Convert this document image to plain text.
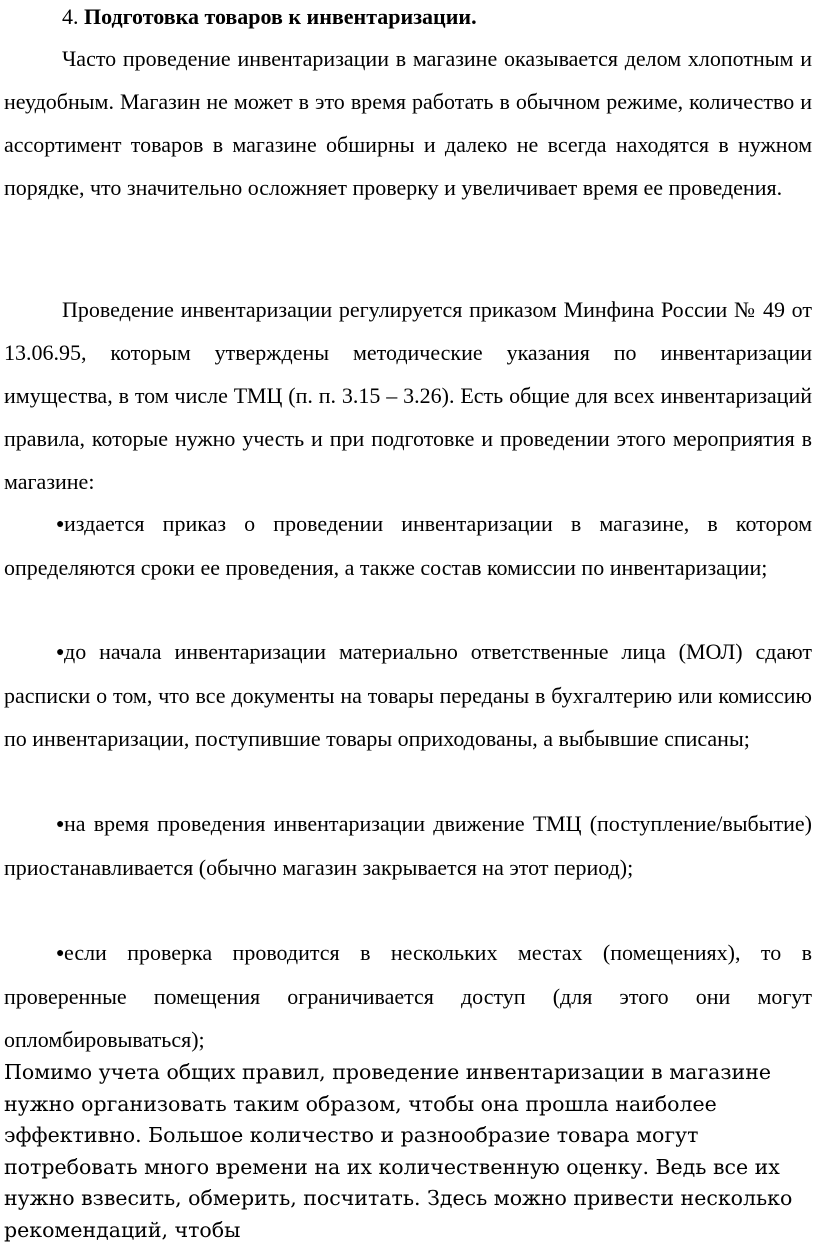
4. Подготовка товаров к инвентаризации.

Часто проведение инвентаризации в магазине оказывается делом хлопотным и неудобным. Магазин не может в это время работать в обычном режиме, количество и ассортимент товаров в магазине обширны и далеко не всегда находятся в нужном порядке, что значительно осложняет проверку и увеличивает время ее проведения.

Проведение инвентаризации регулируется приказом Минфина России № 49 от 13.06.95, которым утверждены методические указания по инвентаризации имущества, в том числе ТМЦ (п. п. 3.15 – 3.26). Есть общие для всех инвентаризаций правила, которые нужно учесть и при подготовке и проведении этого мероприятия в магазине:

●издается приказ о проведении инвентаризации в магазине, в котором определяются сроки ее проведения, а также состав комиссии по инвентаризации;

●до начала инвентаризации материально ответственные лица (МОЛ) сдают расписки о том, что все документы на товары переданы в бухгалтерию или комиссию по инвентаризации, поступившие товары оприходованы, а выбывшие списаны;

●на время проведения инвентаризации движение ТМЦ (поступление/выбытие) приостанавливается (обычно магазин закрывается на этот период);

●если проверка проводится в нескольких местах (помещениях), то в проверенные помещения ограничивается доступ (для этого они могут опломбировываться);

Помимо учета общих правил, проведение инвентаризации в магазине нужно организовать таким образом, чтобы она прошла наиболее эффективно. Большое количество и разнообразие товара могут потребовать много времени на их количественную оценку. Ведь все их нужно взвесить, обмерить, посчитать. Здесь можно привести несколько рекомендаций, чтобы
